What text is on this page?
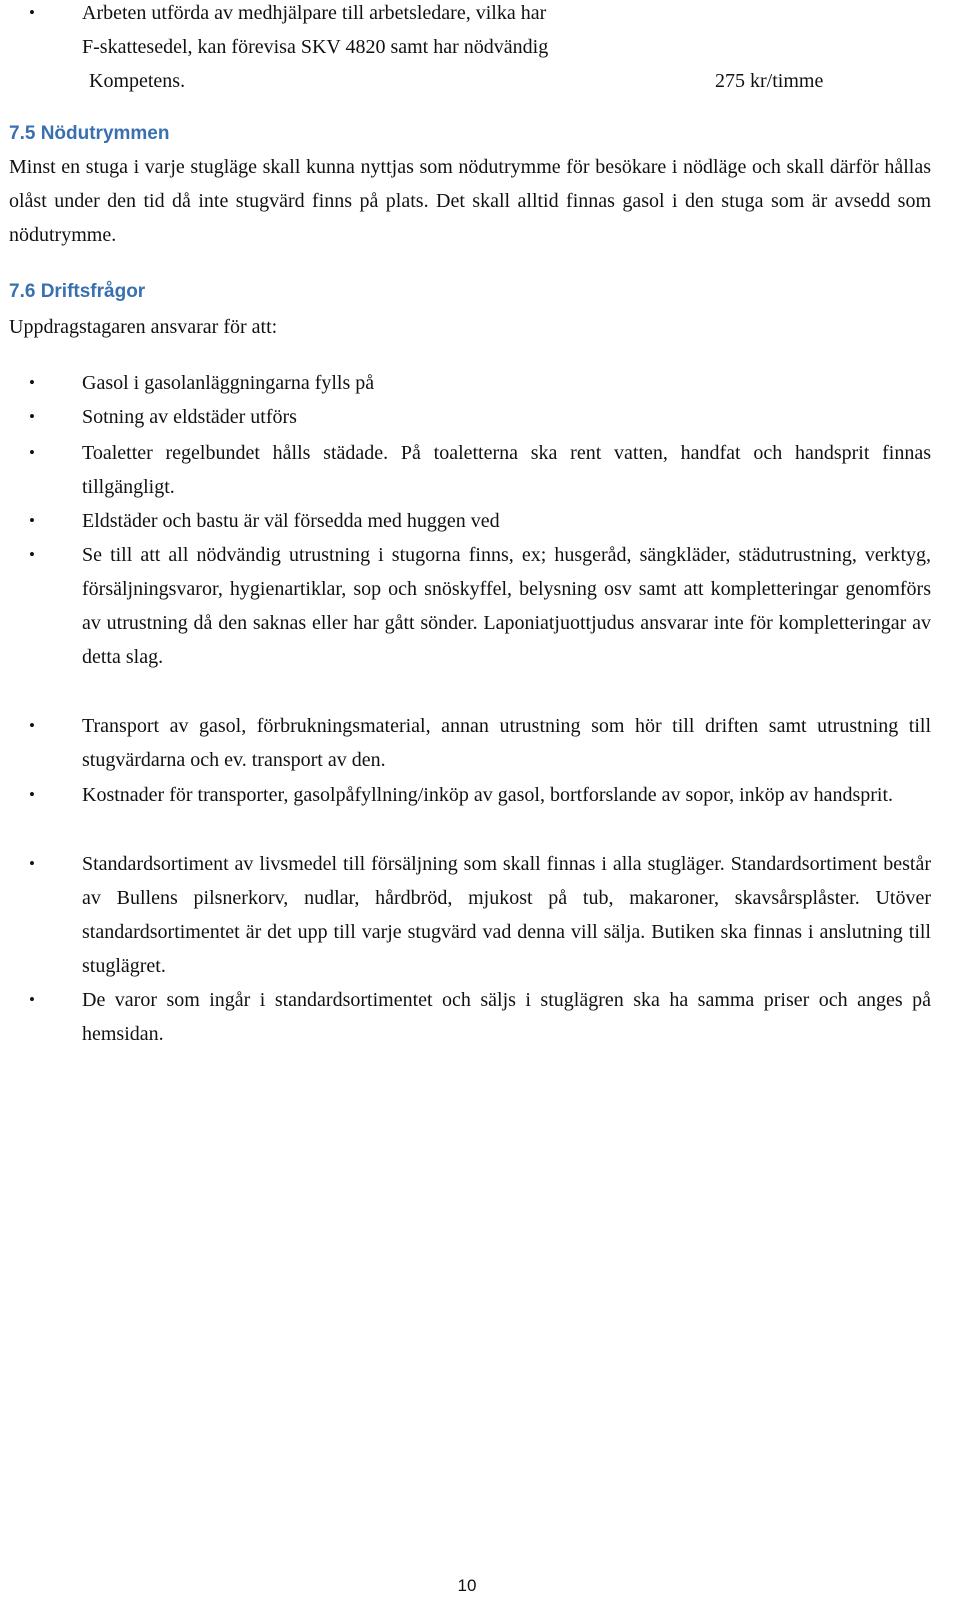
• Arbeten utförda av medhjälpare till arbetsledare, vilka har
F-skattesedel, kan förevisa SKV 4820 samt har nödvändig
Kompetens.	275 kr/timme
7.5 Nödutrymmen
Minst en stuga i varje stugläge skall kunna nyttjas som nödutrymme för besökare i nödläge och skall därför hållas olåst under den tid då inte stugvärd finns på plats. Det skall alltid finnas gasol i den stuga som är avsedd som nödutrymme.
7.6 Driftsfrågor
Uppdragstagaren ansvarar för att:
• Gasol i gasolanläggningarna fylls på
• Sotning av eldstäder utförs
• Toaletter regelbundet hålls städade. På toaletterna ska rent vatten, handfat och handsprit finnas tillgängligt.
• Eldstäder och bastu är väl försedda med huggen ved
• Se till att all nödvändig utrustning i stugorna finns, ex; husgeråd, sängkläder, städutrustning, verktyg, försäljningsvaror, hygienartiklar, sop och snöskyffel, belysning osv samt att kompletteringar genomförs av utrustning då den saknas eller har gått sönder. Laponiatjuottjudus ansvarar inte för kompletteringar av detta slag.
• Transport av gasol, förbrukningsmaterial, annan utrustning som hör till driften samt utrustning till stugvärdarna och ev. transport av den.
• Kostnader för transporter, gasolpåfyllning/inköp av gasol, bortforslande av sopor, inköp av handsprit.
• Standardsortiment av livsmedel till försäljning som skall finnas i alla stugläger. Standardsortiment består av Bullens pilsnerkorv, nudlar, hårdbröd, mjukost på tub, makaroner, skavsårsplåster. Utöver standardsortimentet är det upp till varje stugvärd vad denna vill sälja. Butiken ska finnas i anslutning till stuglägret.
• De varor som ingår i standardsortimentet och säljs i stuglägren ska ha samma priser och anges på hemsidan.
10
